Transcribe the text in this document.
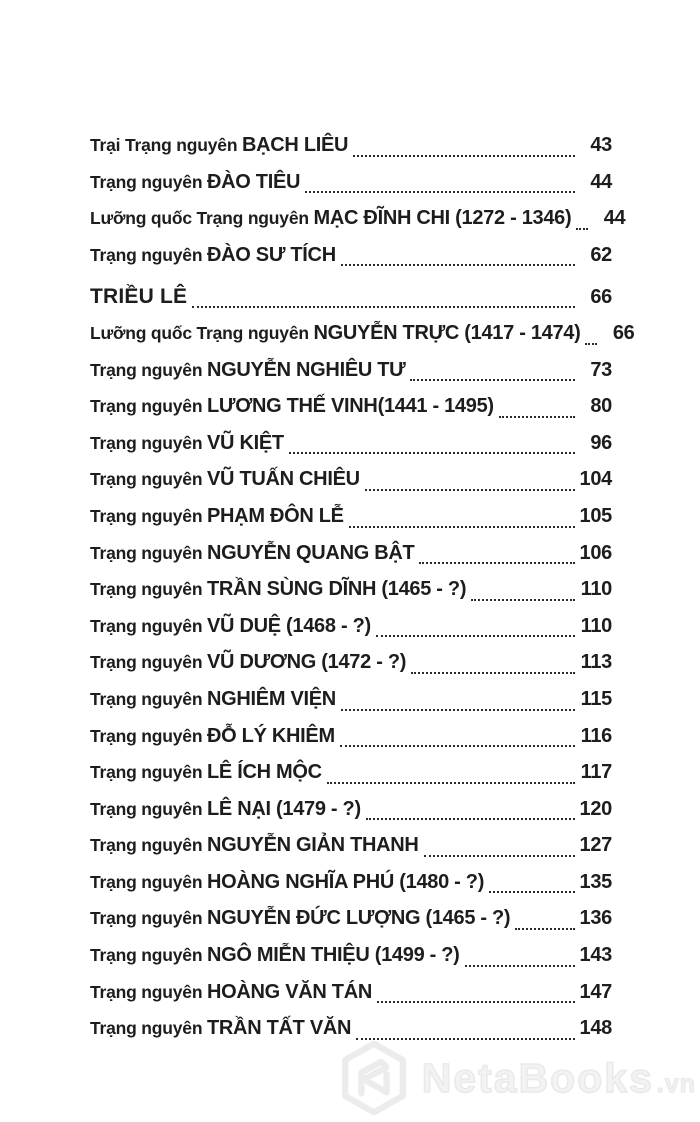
Trại Trạng nguyên BẠCH LIÊU	43
Trạng nguyên ĐÀO TIÊU	44
Lưỡng quốc Trạng nguyên MẠC ĐĨNH CHI (1272 - 1346)	44
Trạng nguyên ĐÀO SƯ TÍCH	62
TRIỀU LÊ	66
Lưỡng quốc Trạng nguyên NGUYỄN TRỰC (1417 - 1474)	66
Trạng nguyên NGUYỄN NGHIÊU TƯ	73
Trạng nguyên LƯƠNG THẾ VINH (1441 - 1495)	80
Trạng nguyên VŨ KIỆT	96
Trạng nguyên VŨ TUẤN CHIÊU	104
Trạng nguyên PHẠM ĐÔN LỄ	105
Trạng nguyên NGUYỄN QUANG BẬT	106
Trạng nguyên TRẦN SÙNG DĨNH (1465 - ?)	110
Trạng nguyên VŨ DUỆ (1468 - ?)	110
Trạng nguyên VŨ DƯƠNG (1472 - ?)	113
Trạng nguyên NGHIÊM VIỆN	115
Trạng nguyên ĐỖ LÝ KHIÊM	116
Trạng nguyên LÊ ÍCH MỘC	117
Trạng nguyên LÊ NẠI (1479 - ?)	120
Trạng nguyên NGUYỄN GIẢN THANH	127
Trạng nguyên HOÀNG NGHĨA PHÚ (1480 - ?)	135
Trạng nguyên NGUYỄN ĐỨC LƯỢNG (1465 - ?)	136
Trạng nguyên NGÔ MIỄN THIỆU (1499 - ?)	143
Trạng nguyên HOÀNG VĂN TÁN	147
Trạng nguyên TRẦN TẤT VĂN	148
NetaBooks .vn
